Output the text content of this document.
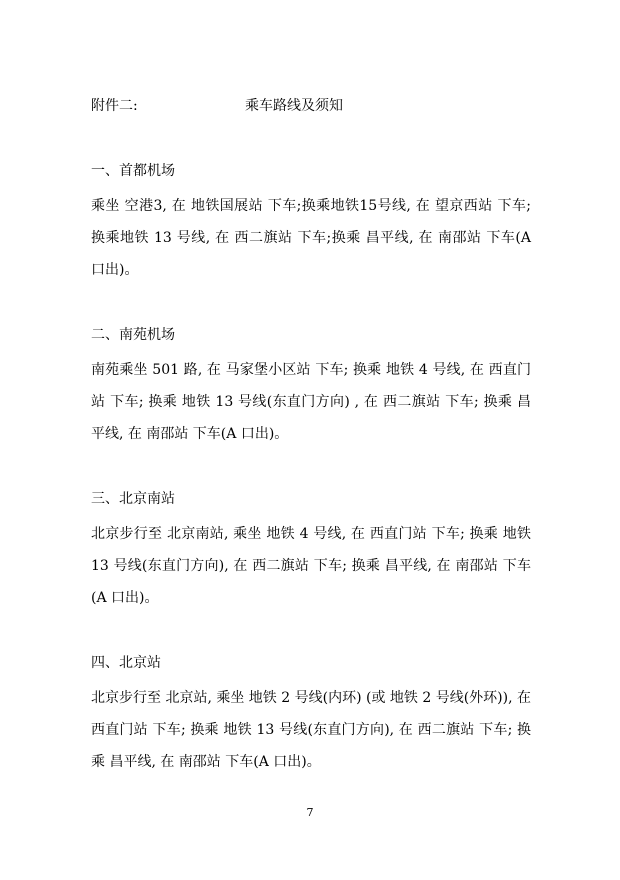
附件二:	乘车路线及须知
一、首都机场

乘坐 空港3, 在 地铁国展站 下车;换乘地铁15号线, 在 望京西站 下车;换乘地铁 13 号线, 在 西二旗站 下车;换乘 昌平线, 在 南邵站 下车(A 口出)。

二、南苑机场

南苑乘坐 501 路, 在 马家堡小区站 下车; 换乘 地铁 4 号线, 在 西直门站 下车; 换乘 地铁 13 号线(东直门方向) , 在 西二旗站 下车; 换乘 昌平线, 在 南邵站 下车(A 口出)。

三、北京南站

北京步行至 北京南站, 乘坐 地铁 4 号线, 在 西直门站 下车; 换乘 地铁 13 号线(东直门方向), 在 西二旗站 下车; 换乘 昌平线, 在 南邵站 下车(A 口出)。

四、北京站

北京步行至 北京站, 乘坐 地铁 2 号线(内环) (或 地铁 2 号线(外环)), 在 西直门站 下车; 换乘 地铁 13 号线(东直门方向), 在 西二旗站 下车; 换乘 昌平线, 在 南邵站 下车(A 口出)。

7
